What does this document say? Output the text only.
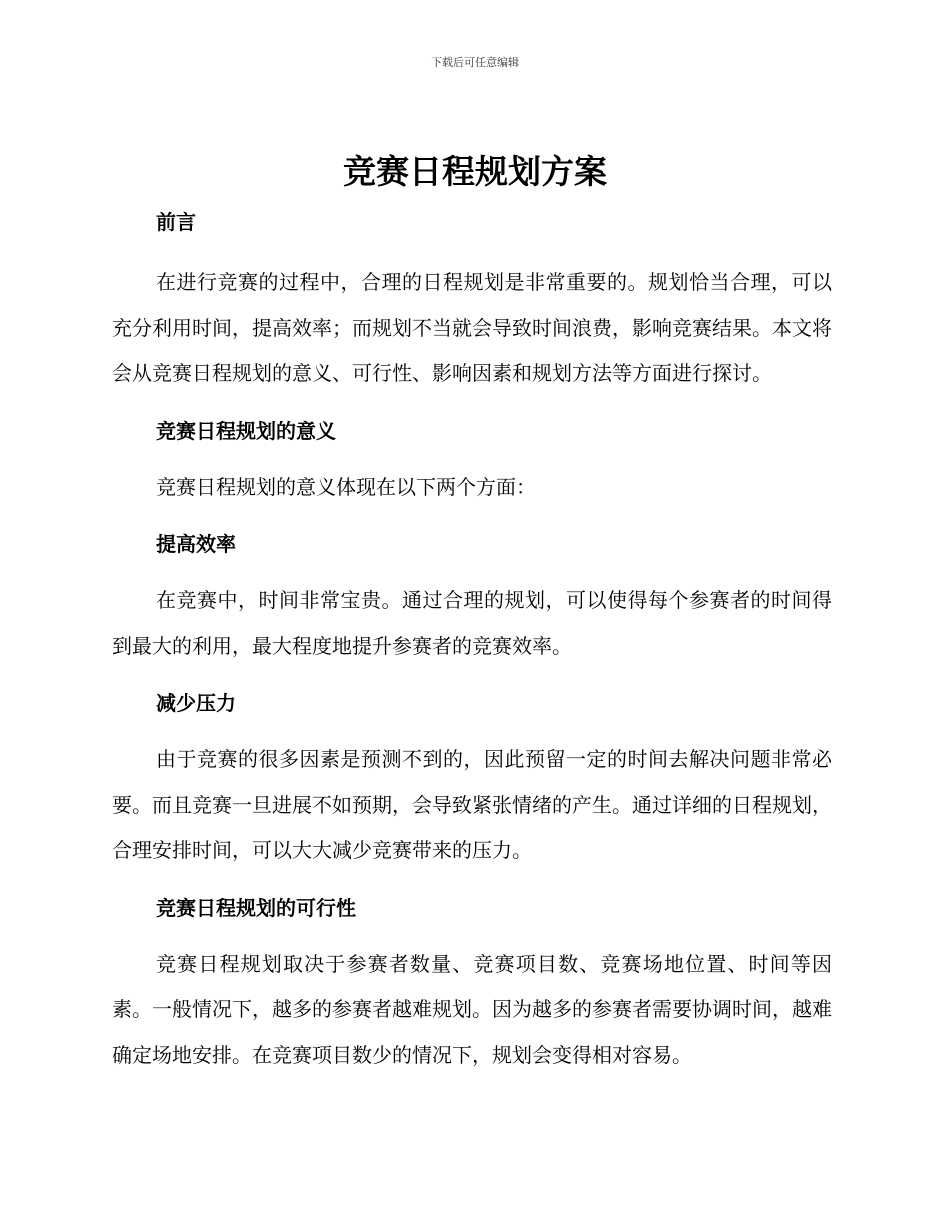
下载后可任意编辑
竞赛日程规划方案

前言

在进行竞赛的过程中，合理的日程规划是非常重要的。规划恰当合理，可以充分利用时间，提高效率；而规划不当就会导致时间浪费，影响竞赛结果。本文将会从竞赛日程规划的意义、可行性、影响因素和规划方法等方面进行探讨。

竞赛日程规划的意义

竞赛日程规划的意义体现在以下两个方面：

提高效率

在竞赛中，时间非常宝贵。通过合理的规划，可以使得每个参赛者的时间得到最大的利用，最大程度地提升参赛者的竞赛效率。

减少压力

由于竞赛的很多因素是预测不到的，因此预留一定的时间去解决问题非常必要。而且竞赛一旦进展不如预期，会导致紧张情绪的产生。通过详细的日程规划，合理安排时间，可以大大减少竞赛带来的压力。

竞赛日程规划的可行性

竞赛日程规划取决于参赛者数量、竞赛项目数、竞赛场地位置、时间等因素。一般情况下，越多的参赛者越难规划。因为越多的参赛者需要协调时间，越难确定场地安排。在竞赛项目数少的情况下，规划会变得相对容易。
